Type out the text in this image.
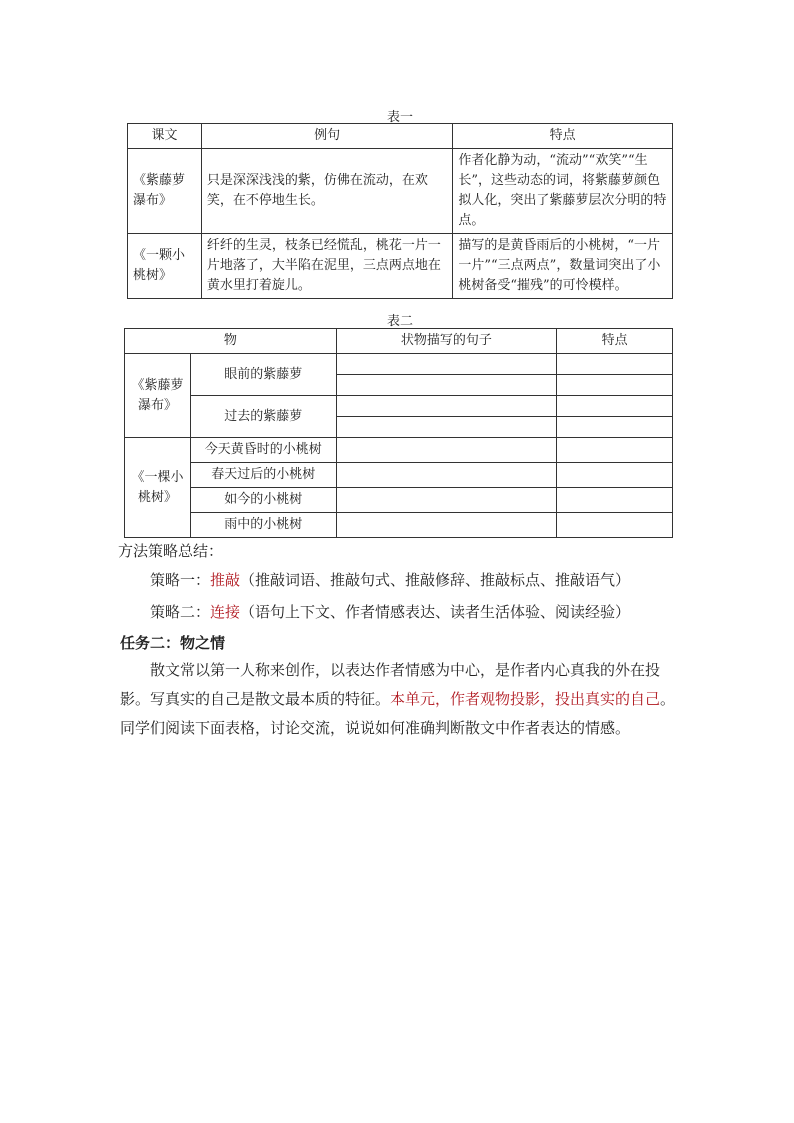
表一
课文	例句	特点
《紫藤萝瀑布》	只是深深浅浅的紫，仿佛在流动，在欢笑，在不停地生长。	作者化静为动，“流动”“欢笑”“生长”，这些动态的词，将紫藤萝颜色拟人化，突出了紫藤萝层次分明的特点。
《一颗小桃树》	纤纤的生灵，枝条已经慌乱，桃花一片一片地落了，大半陷在泥里，三点两点地在黄水里打着旋儿。	描写的是黄昏雨后的小桃树，“一片一片”“三点两点”，数量词突出了小桃树备受“摧残”的可怜模样。
表二
物		状物描写的句子	特点
《紫藤萝瀑布》	眼前的紫藤萝		

	过去的紫藤萝		

《一棵小桃树》	今天黄昏时的小桃树		
	春天过后的小桃树		
	如今的小桃树		
	雨中的小桃树		
方法策略总结：
策略一：推敲（推敲词语、推敲句式、推敲修辞、推敲标点、推敲语气）
策略二：连接（语句上下文、作者情感表达、读者生活体验、阅读经验）
任务二：物之情
散文常以第一人称来创作，以表达作者情感为中心，是作者内心真我的外在投影。写真实的自己是散文最本质的特征。本单元，作者观物投影，投出真实的自己。同学们阅读下面表格，讨论交流，说说如何准确判断散文中作者表达的情感。
